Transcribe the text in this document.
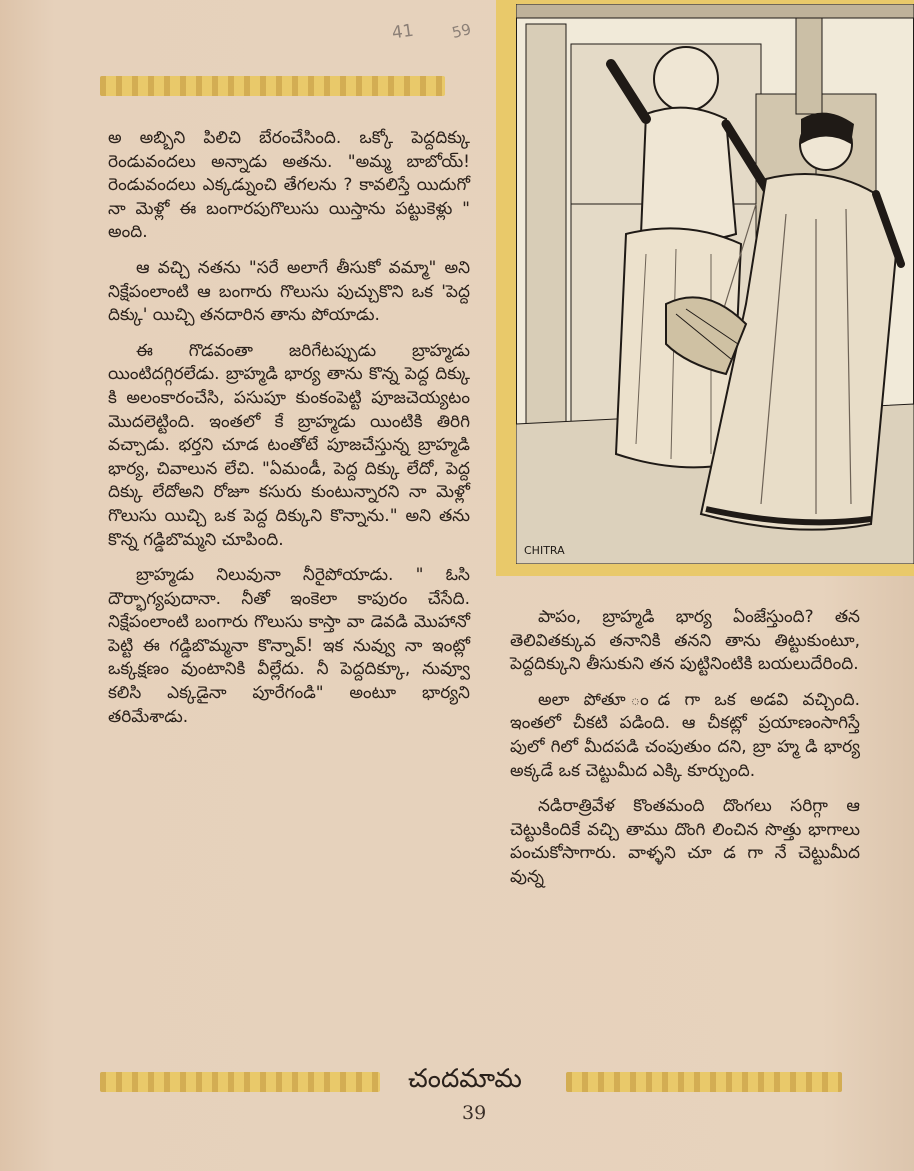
41 59

అ అబ్బిని పిలిచి బేరంచేసింది. ఒక్కో పెద్దదిక్కు రెండువందలు అన్నాడు అతను. "అమ్మ బాబోయ్! రెండువందలు ఎక్కడ్నుంచి తేగలను ? కావలిస్తే యిదుగో నా మెళ్లో ఈ బంగారపుగొలుసు యిస్తాను పట్టుకెళ్లు " అంది.

ఆ వచ్చి నతను "సరే అలాగే తీసుకో వమ్మా" అని నిక్షేపంలాంటి ఆ బంగారు గొలుసు పుచ్చుకొని ఒక 'పెద్ద దిక్కు' యిచ్చి తనదారిన తాను పోయాడు.

ఈ గొడవంతా జరిగేటప్పుడు బ్రాహ్మడు యింటిదగ్గిరలేడు. బ్రాహ్మడి భార్య తాను కొన్న పెద్ద దిక్కు కి అలంకారంచేసి, పసుపూ కుంకంపెట్టి పూజచెయ్యటం మొదలెట్టింది. ఇంతలో కే బ్రాహ్మడు యింటికి తిరిగి వచ్చాడు. భర్తని చూడ టంతోటే పూజచేస్తున్న బ్రాహ్మడి భార్య, చివాలున లేచి. "ఏమండీ, పెద్ద దిక్కు లేదో, పెద్ద దిక్కు లేదోఅని రోజూ కసురు కుంటున్నారని నా మెళ్లో గొలుసు యిచ్చి ఒక పెద్ద దిక్కుని కొన్నాను." అని తను కొన్న గడ్డిబొమ్మని చూపింది.

బ్రాహ్మడు నిలువునా నీరైపోయాడు. " ఓసి దౌర్భాగ్యపుదానా. నీతో ఇంకెలా కాపురం చేసేది. నిక్షేపంలాంటి బంగారు గొలుసు కాస్తా వా డెవడి మొహానో పెట్టి ఈ గడ్డిబొమ్మనా కొన్నావ్! ఇక నువ్వు నా ఇంట్లో ఒక్కక్షణం వుంటానికి వీల్లేదు. నీ పెద్దదిక్కూ, నువ్వూ కలిసి ఎక్కడైనా పూరేగండి" అంటూ భార్యని తరిమేశాడు.

CHITRA

పాపం, బ్రాహ్మడి భార్య ఏంజేస్తుంది? తన తెలివితక్కువ తనానికి తనని తాను తిట్టుకుంటూ, పెద్దదిక్కుని తీసుకుని తన పుట్టినింటికి బయలుదేరింది.

అలా పోతూ ండ గా ఒక అడవి వచ్చింది. ఇంతలో చీకటి పడింది. ఆ చీకట్లో ప్రయాణంసాగిస్తే పులో గిలో మీదపడి చంపుతుం దని, బ్రా హ్మ డి భార్య అక్కడే ఒక చెట్టుమీద ఎక్కి కూర్చుంది.

నడిరాత్రివేళ కొంతమంది దొంగలు సరిగ్గా ఆ చెట్టుకిందికే వచ్చి తాము దొంగి లించిన సొత్తు భాగాలు పంచుకోసాగారు. వాళ్ళని చూ డ గా నే చెట్టుమీద వున్న

చందమామ
39
